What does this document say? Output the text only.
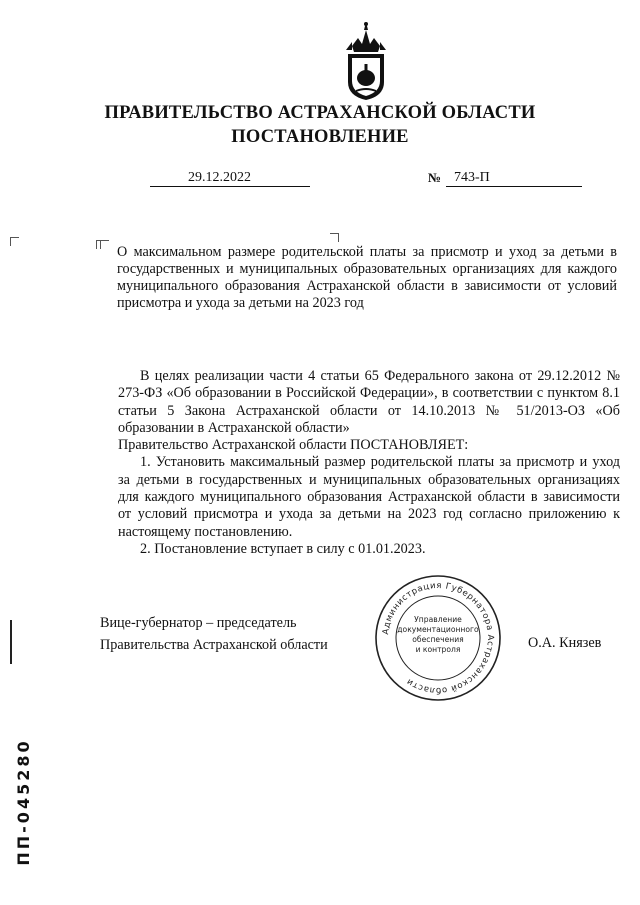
ПРАВИТЕЛЬСТВО АСТРАХАНСКОЙ ОБЛАСТИ
ПОСТАНОВЛЕНИЕ
29.12.2022	№ 743-П
О максимальном размере родительской платы за присмотр и уход за детьми в государственных и муниципальных образовательных организациях для каждого муниципального образования Астраханской области в зависимости от условий присмотра и ухода за детьми на 2023 год

В целях реализации части 4 статьи 65 Федерального закона от 29.12.2012 № 273-ФЗ «Об образовании в Российской Федерации», в соответствии с пунктом 8.1 статьи 5 Закона Астраханской области от 14.10.2013 № 51/2013-ОЗ «Об образовании в Астраханской области»

Правительство Астраханской области ПОСТАНОВЛЯЕТ:

1. Установить максимальный размер родительской платы за присмотр и уход за детьми в государственных и муниципальных образовательных организациях для каждого муниципального образования Астраханской области в зависимости от условий присмотра и ухода за детьми на 2023 год согласно приложению к настоящему постановлению.

2. Постановление вступает в силу с 01.01.2023.

Вице-губернатор – председатель
Правительства Астраханской области	О.А. Князев
Администрация Губернатора Астраханской области
Управление
документационного
обеспечения
и контроля
ПП-045280
